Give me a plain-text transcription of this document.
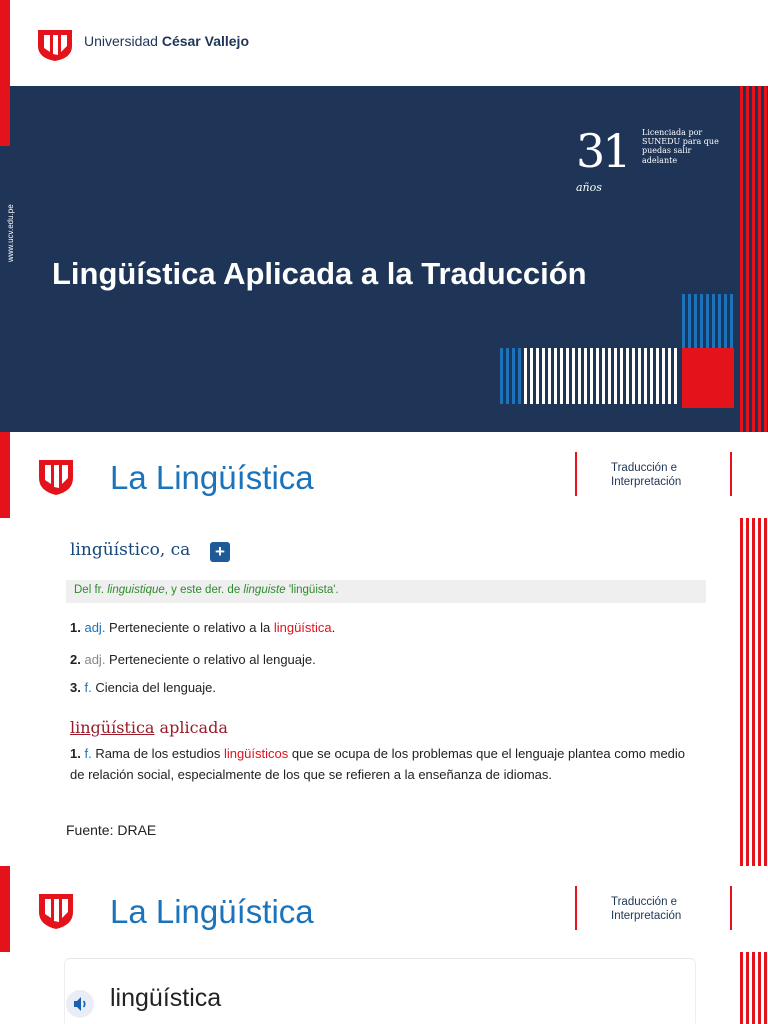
Universidad César Vallejo
www.ucv.edu.pe
Lingüística Aplicada a la Traducción
31
años
Licenciada por SUNEDU para que puedas salir adelante
La Lingüística	Traducción e
Interpretación
lingüístico, ca +
Del fr. linguistique, y este der. de linguiste 'lingüista'.
1. adj. Perteneciente o relativo a la lingüística.
2. adj. Perteneciente o relativo al lenguaje.
3. f. Ciencia del lenguaje.
lingüística aplicada
1. f. Rama de los estudios lingüísticos que se ocupa de los problemas que el lenguaje plantea como medio de relación social, especialmente de los que se refieren a la enseñanza de idiomas.
Fuente: DRAE
La Lingüística	Traducción e
Interpretación
lingüística
